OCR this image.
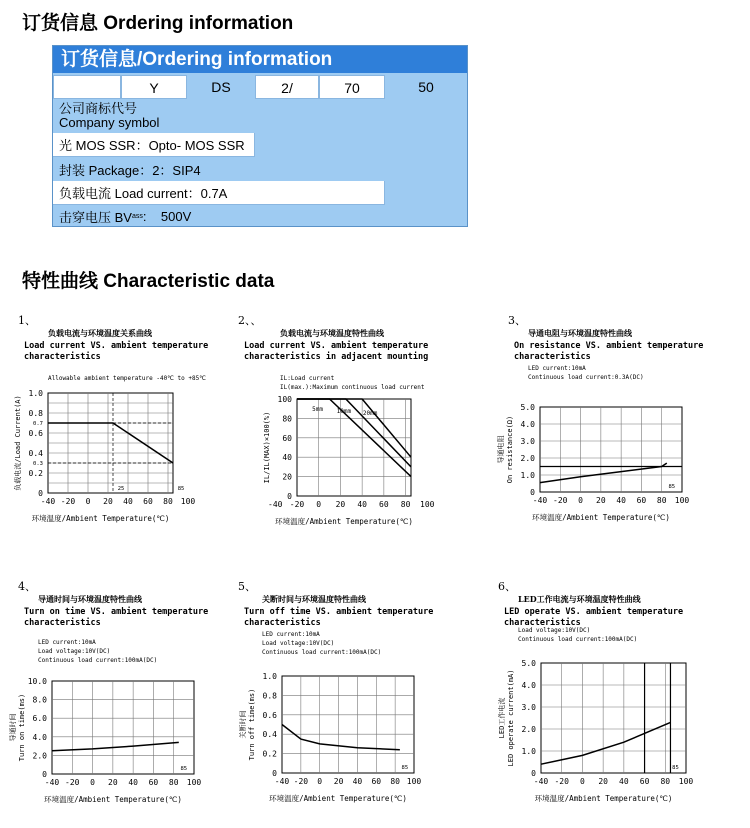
订货信息 Ordering information
订货信息/Ordering information
Y	DS	2/	70	50
公司商标代号
Company symbol
光 MOS SSR：Opto- MOS SSR
封装 Package：2：SIP4
负载电流 Load current：0.7A
击穿电压 BV ass :    500V
特性曲线 Characteristic data
1、
负载电流与环境温度关系曲线
Load current VS. ambient temperature
characteristics
Allowable ambient temperature -40℃ to +85℃
-40 -20 0 20 40 60 80 100
0
0.2
0.4
0.6
0.8
1.0
0.7
0.3
25	85
环境温度/Ambient Temperature(℃)
负载电流/Load Current(A)
2、、
负载电流与环境温度特性曲线
Load current VS. ambient temperature
characteristics in adjacent mounting
IL:Load current
IL(max.):Maximum continuous load current
-40 -20 0 20 40 60 80 100
0
20
40
60
80
100
5mm 10mm 20mm
环境温度/Ambient Temperature(℃)
IL/IL(MAX)×100(%)
3、
导通电阻与环境温度特性曲线
On resistance VS. ambient temperature
characteristics
LED current:10mA
Continuous load current:0.3A(DC)
-40 -20 0 20 40 60 80 100
0
1.0
2.0
3.0
4.0
5.0
85
环境温度/Ambient Temperature(℃)
On resistance(Ω)
导通电阻
4、
导通时间与环境温度特性曲线
Turn on time VS. ambient temperature
characteristics
LED current:10mA
Load voltage:10V(DC)
Continuous load current:100mA(DC)
-40 -20 0 20 40 60 80 100
0
2.0
4.0
6.0
8.0
10.0
85
环境温度/Ambient Temperature(℃)
Turn on time(ms)
导通时间
5、
关断时间与环境温度特性曲线
Turn off time VS. ambient temperature
characteristics
LED current:10mA
Load voltage:10V(DC)
Continuous load current:100mA(DC)
-40 -20 0 20 40 60 80 100
0
0.2
0.4
0.6
0.8
1.0
85
环境温度/Ambient Temperature(℃)
Turn off time(ms)
关断时间
6、
LED工作电流与环境温度特性曲线
LED operate VS. ambient temperature
characteristics
Load voltage:10V(DC)
Continuous load current:100mA(DC)
-40 -20 0 20 40 60 80 100
0
1.0
2.0
3.0
4.0
5.0
85
环境温度/Ambient Temperature(℃)
LED operate current(mA)
LED工作电流
